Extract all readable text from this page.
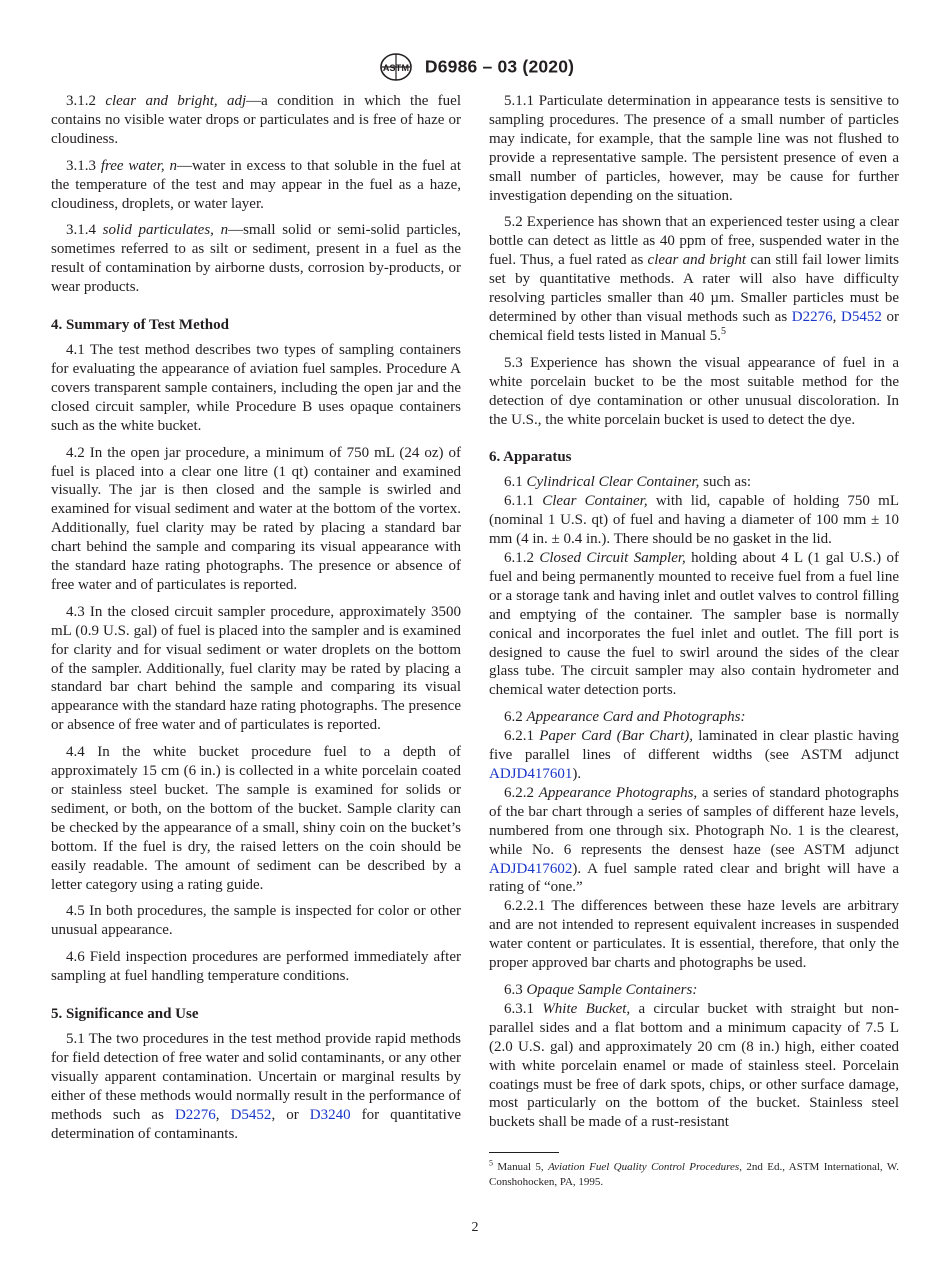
ASTM D6986 – 03 (2020)

3.1.2 clear and bright, adj—a condition in which the fuel contains no visible water drops or particulates and is free of haze or cloudiness.

3.1.3 free water, n—water in excess to that soluble in the fuel at the temperature of the test and may appear in the fuel as a haze, cloudiness, droplets, or water layer.

3.1.4 solid particulates, n—small solid or semi-solid particles, sometimes referred to as silt or sediment, present in a fuel as the result of contamination by airborne dusts, corrosion by-products, or wear products.

4. Summary of Test Method

4.1 The test method describes two types of sampling containers for evaluating the appearance of aviation fuel samples. Procedure A covers transparent sample containers, including the open jar and the closed circuit sampler, while Procedure B uses opaque containers such as the white bucket.

4.2 In the open jar procedure, a minimum of 750 mL (24 oz) of fuel is placed into a clear one litre (1 qt) container and examined visually. The jar is then closed and the sample is swirled and examined for visual sediment and water at the bottom of the vortex. Additionally, fuel clarity may be rated by placing a standard bar chart behind the sample and comparing its visual appearance with the standard haze rating photographs. The presence or absence of free water and of particulates is reported.

4.3 In the closed circuit sampler procedure, approximately 3500 mL (0.9 U.S. gal) of fuel is placed into the sampler and is examined for clarity and for visual sediment or water droplets on the bottom of the sampler. Additionally, fuel clarity may be rated by placing a standard bar chart behind the sample and comparing its visual appearance with the standard haze rating photographs. The presence or absence of free water and of particulates is reported.

4.4 In the white bucket procedure fuel to a depth of approximately 15 cm (6 in.) is collected in a white porcelain coated or stainless steel bucket. The sample is examined for solids or sediment, or both, on the bottom of the bucket. Sample clarity can be checked by the appearance of a small, shiny coin on the bucket’s bottom. If the fuel is dry, the raised letters on the coin should be easily readable. The amount of sediment can be described by a letter category using a rating guide.

4.5 In both procedures, the sample is inspected for color or other unusual appearance.

4.6 Field inspection procedures are performed immediately after sampling at fuel handling temperature conditions.

5. Significance and Use

5.1 The two procedures in the test method provide rapid methods for field detection of free water and solid contaminants, or any other visually apparent contamination. Uncertain or marginal results by either of these methods would normally result in the performance of methods such as D2276, D5452, or D3240 for quantitative determination of contaminants.

5.1.1 Particulate determination in appearance tests is sensitive to sampling procedures. The presence of a small number of particles may indicate, for example, that the sample line was not flushed to provide a representative sample. The persistent presence of even a small number of particles, however, may be cause for further investigation depending on the situation.

5.2 Experience has shown that an experienced tester using a clear bottle can detect as little as 40 ppm of free, suspended water in the fuel. Thus, a fuel rated as clear and bright can still fail lower limits set by quantitative methods. A rater will also have difficulty resolving particles smaller than 40 µm. Smaller particles must be determined by other than visual methods such as D2276, D5452 or chemical field tests listed in Manual 5.$^5$

5.3 Experience has shown the visual appearance of fuel in a white porcelain bucket to be the most suitable method for the detection of dye contamination or other unusual discoloration. In the U.S., the white porcelain bucket is used to detect the dye.

6. Apparatus

6.1 Cylindrical Clear Container, such as:

6.1.1 Clear Container, with lid, capable of holding 750 mL (nominal 1 U.S. qt) of fuel and having a diameter of 100 mm ± 10 mm (4 in. ± 0.4 in.). There should be no gasket in the lid.

6.1.2 Closed Circuit Sampler, holding about 4 L (1 gal U.S.) of fuel and being permanently mounted to receive fuel from a fuel line or a storage tank and having inlet and outlet valves to control filling and emptying of the container. The sampler base is normally conical and incorporates the fuel inlet and outlet. The fill port is designed to cause the fuel to swirl around the sides of the clear glass tube. The circuit sampler may also contain hydrometer and chemical water detection ports.

6.2 Appearance Card and Photographs:

6.2.1 Paper Card (Bar Chart), laminated in clear plastic having five parallel lines of different widths (see ASTM adjunct ADJD417601).

6.2.2 Appearance Photographs, a series of standard photographs of the bar chart through a series of samples of different haze levels, numbered from one through six. Photograph No. 1 is the clearest, while No. 6 represents the densest haze (see ASTM adjunct ADJD417602). A fuel sample rated clear and bright will have a rating of “one.”

6.2.2.1 The differences between these haze levels are arbitrary and are not intended to represent equivalent increases in suspended water content or particulates. It is essential, therefore, that only the proper approved bar charts and photographs be used.

6.3 Opaque Sample Containers:

6.3.1 White Bucket, a circular bucket with straight but non-parallel sides and a flat bottom and a minimum capacity of 7.5 L (2.0 U.S. gal) and approximately 20 cm (8 in.) high, either coated with white porcelain enamel or made of stainless steel. Porcelain coatings must be free of dark spots, chips, or other surface damage, most particularly on the bottom of the bucket. Stainless steel buckets shall be made of a rust-resistant

$^5$ Manual 5, Aviation Fuel Quality Control Procedures, 2nd Ed., ASTM International, W. Conshohocken, PA, 1995.
2
